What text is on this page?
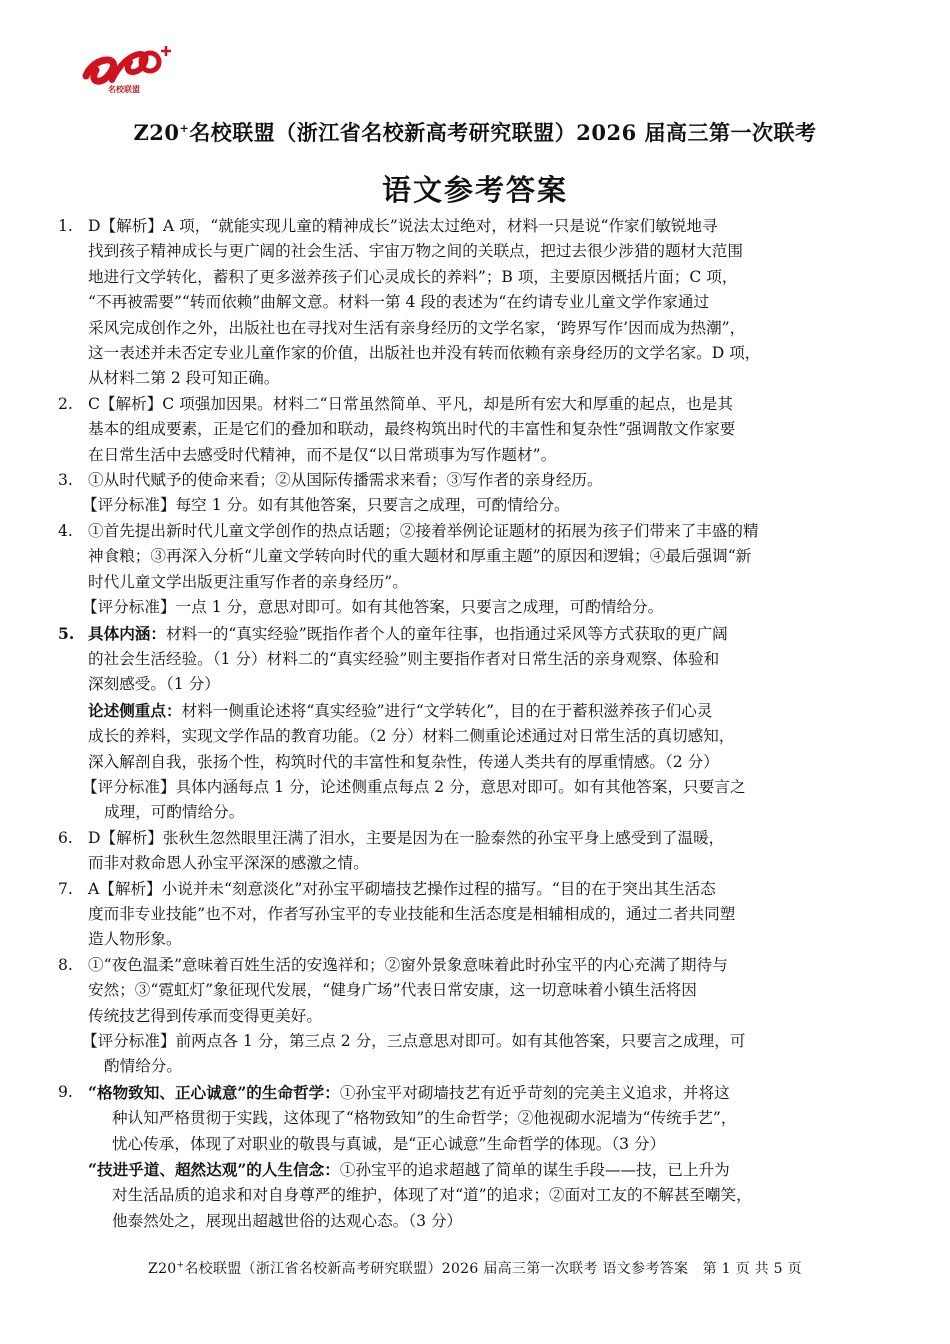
名校联盟
Z20+名校联盟（浙江省名校新高考研究联盟）2026 届高三第一次联考
语文参考答案
1. D【解析】A 项，“就能实现儿童的精神成长”说法太过绝对，材料一只是说“作家们敏锐地寻
找到孩子精神成长与更广阔的社会生活、宇宙万物之间的关联点，把过去很少涉猎的题材大范围
地进行文学转化，蓄积了更多滋养孩子们心灵成长的养料”；B 项，主要原因概括片面；C 项，
“不再被需要”“转而依赖”曲解文意。材料一第 4 段的表述为“在约请专业儿童文学作家通过
采风完成创作之外，出版社也在寻找对生活有亲身经历的文学名家，‘跨界写作’因而成为热潮”，
这一表述并未否定专业儿童作家的价值，出版社也并没有转而依赖有亲身经历的文学名家。D 项，
从材料二第 2 段可知正确。
2. C【解析】C 项强加因果。材料二“日常虽然简单、平凡，却是所有宏大和厚重的起点，也是其
基本的组成要素，正是它们的叠加和联动，最终构筑出时代的丰富性和复杂性”强调散文作家要
在日常生活中去感受时代精神，而不是仅“以日常琐事为写作题材”。
3. ①从时代赋予的使命来看；②从国际传播需求来看；③写作者的亲身经历。
【评分标准】每空 1 分。如有其他答案，只要言之成理，可酌情给分。
4. ①首先提出新时代儿童文学创作的热点话题；②接着举例论证题材的拓展为孩子们带来了丰盛的精
神食粮；③再深入分析“儿童文学转向时代的重大题材和厚重主题”的原因和逻辑；④最后强调“新
时代儿童文学出版更注重写作者的亲身经历”。
【评分标准】一点 1 分，意思对即可。如有其他答案，只要言之成理，可酌情给分。
5. 具体内涵：材料一的“真实经验”既指作者个人的童年往事，也指通过采风等方式获取的更广阔
的社会生活经验。（1 分）材料二的“真实经验”则主要指作者对日常生活的亲身观察、体验和
深刻感受。（1 分）
论述侧重点：材料一侧重论述将“真实经验”进行“文学转化”，目的在于蓄积滋养孩子们心灵
成长的养料，实现文学作品的教育功能。（2 分）材料二侧重论述通过对日常生活的真切感知，
深入解剖自我，张扬个性，构筑时代的丰富性和复杂性，传递人类共有的厚重情感。（2 分）
【评分标准】具体内涵每点 1 分，论述侧重点每点 2 分，意思对即可。如有其他答案，只要言之
成理，可酌情给分。
6. D【解析】张秋生忽然眼里汪满了泪水，主要是因为在一脸泰然的孙宝平身上感受到了温暖，
而非对救命恩人孙宝平深深的感激之情。
7. A【解析】小说并未“刻意淡化”对孙宝平砌墙技艺操作过程的描写。“目的在于突出其生活态
度而非专业技能”也不对，作者写孙宝平的专业技能和生活态度是相辅相成的，通过二者共同塑
造人物形象。
8. ①“夜色温柔”意味着百姓生活的安逸祥和；②窗外景象意味着此时孙宝平的内心充满了期待与
安然；③“霓虹灯”象征现代发展，“健身广场”代表日常安康，这一切意味着小镇生活将因
传统技艺得到传承而变得更美好。
【评分标准】前两点各 1 分，第三点 2 分，三点意思对即可。如有其他答案，只要言之成理，可
酌情给分。
9. “格物致知、正心诚意”的生命哲学：①孙宝平对砌墙技艺有近乎苛刻的完美主义追求，并将这
种认知严格贯彻于实践，这体现了“格物致知”的生命哲学；②他视砌水泥墙为“传统手艺”，
忧心传承，体现了对职业的敬畏与真诚，是“正心诚意”生命哲学的体现。（3 分）
“技进乎道、超然达观”的人生信念：①孙宝平的追求超越了简单的谋生手段——技，已上升为
对生活品质的追求和对自身尊严的维护，体现了对“道”的追求；②面对工友的不解甚至嘲笑，
他泰然处之，展现出超越世俗的达观心态。（3 分）
Z20+名校联盟（浙江省名校新高考研究联盟）2026 届高三第一次联考 语文参考答案　第 1 页 共 5 页
